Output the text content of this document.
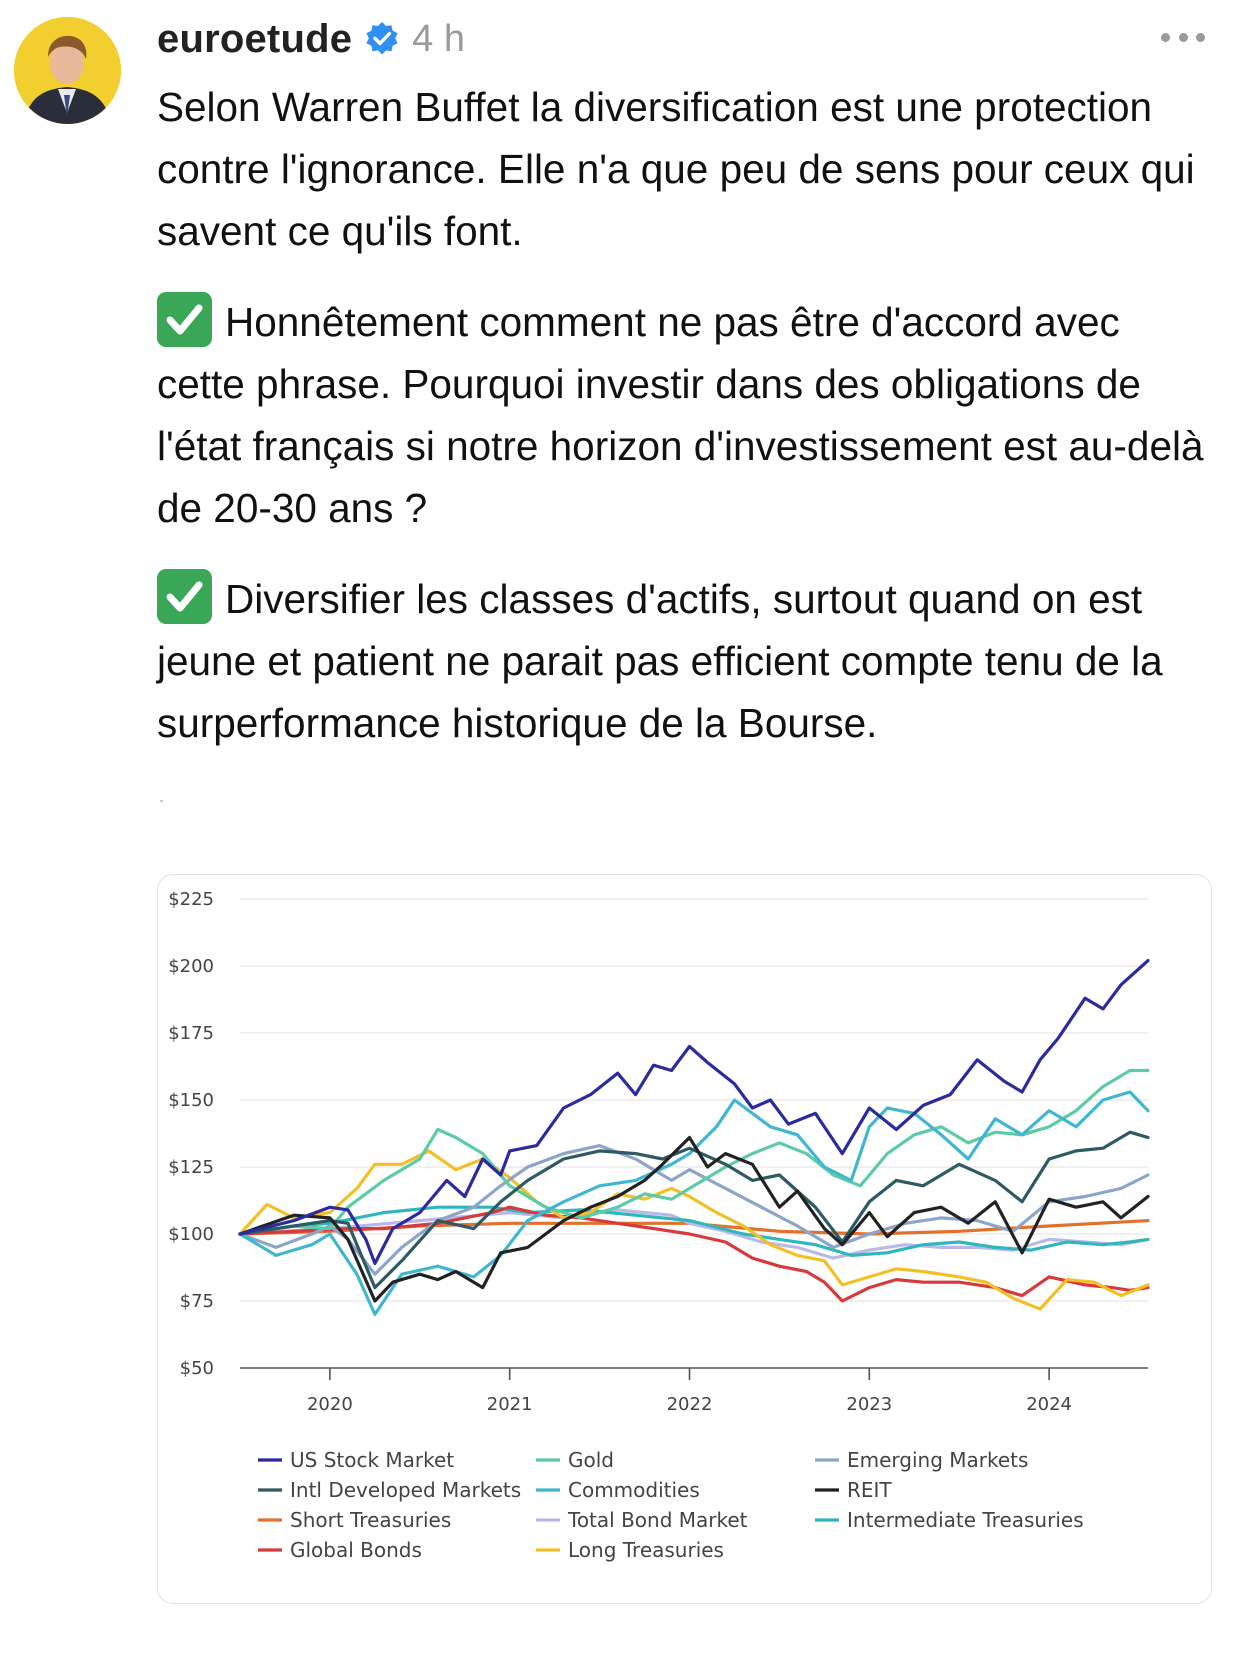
euroetude 4 h

Selon Warren Buffet la diversification est une protection contre l'ignorance. Elle n'a que peu de sens pour ceux qui savent ce qu'ils font.

Honnêtement comment ne pas être d'accord avec cette phrase. Pourquoi investir dans des obligations de l'état français si notre horizon d'investissement est au-delà de 20-30 ans ?

Diversifier les classes d'actifs, surtout quand on est jeune et patient ne parait pas efficient compte tenu de la surperformance historique de la Bourse.

$225
$200
$175
$150
$125
$100
$75
$50
2020	2021	2022	2023	2024
US Stock Market
Intl Developed Markets
Short Treasuries
Global Bonds
Gold
Commodities
Total Bond Market
Long Treasuries
Emerging Markets
REIT
Intermediate Treasuries
